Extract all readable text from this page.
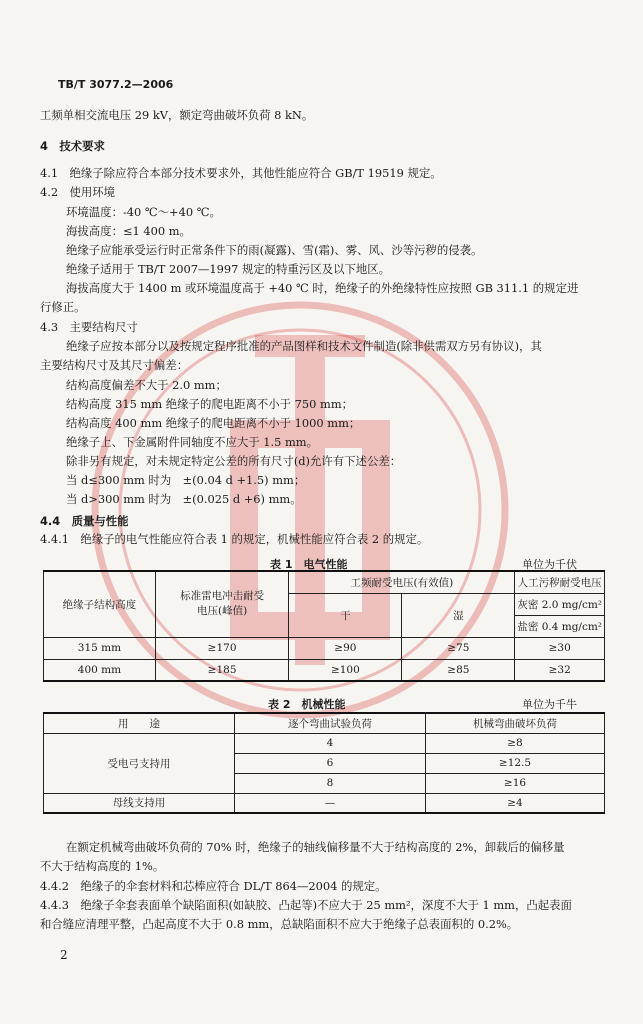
TB/T 3077.2—2006
工频单相交流电压 29 kV，额定弯曲破坏负荷 8 kN。
4　技术要求
4.1　绝缘子除应符合本部分技术要求外，其他性能应符合 GB/T 19519 规定。
4.2　使用环境
环境温度：-40 ℃～+40 ℃。
海拔高度：≤1 400 m。
绝缘子应能承受运行时正常条件下的雨(凝露)、雪(霜)、雾、风、沙等污秽的侵袭。
绝缘子适用于 TB/T 2007—1997 规定的特重污区及以下地区。
海拔高度大于 1400 m 或环境温度高于 +40 ℃ 时，绝缘子的外绝缘特性应按照 GB 311.1 的规定进
行修正。
4.3　主要结构尺寸
绝缘子应按本部分以及按规定程序批准的产品图样和技术文件制造(除非供需双方另有协议)，其
主要结构尺寸及其尺寸偏差：
结构高度偏差不大于 2.0 mm；
结构高度 315 mm 绝缘子的爬电距离不小于 750 mm；
结构高度 400 mm 绝缘子的爬电距离不小于 1000 mm；
绝缘子上、下金属附件同轴度不应大于 1.5 mm。
除非另有规定，对未规定特定公差的所有尺寸(d)允许有下述公差：
当 d≤300 mm 时为　±(0.04 d +1.5) mm；
当 d>300 mm 时为　±(0.025 d +6) mm。
4.4　质量与性能
4.4.1　绝缘子的电气性能应符合表 1 的规定，机械性能应符合表 2 的规定。
表 1　电气性能	单位为千伏
绝缘子结构高度	标准雷电冲击耐受
电压(峰值)	工频耐受电压(有效值)		人工污秽耐受电压
		干	湿	灰密 2.0 mg/cm²
				盐密 0.4 mg/cm²
315 mm	≥170	≥90	≥75	≥30
400 mm	≥185	≥100	≥85	≥32
表 2　机械性能	单位为千牛
用　　途	逐个弯曲试验负荷	机械弯曲破坏负荷
受电弓支持用	4	≥8
	6	≥12.5
	8	≥16
母线支持用	—	≥4
在额定机械弯曲破坏负荷的 70% 时，绝缘子的轴线偏移量不大于结构高度的 2%，卸载后的偏移量
不大于结构高度的 1%。
4.4.2　绝缘子的伞套材料和芯棒应符合 DL/T 864—2004 的规定。
4.4.3　绝缘子伞套表面单个缺陷面积(如缺胶、凸起等)不应大于 25 mm²，深度不大于 1 mm，凸起表面
和合缝应清理平整，凸起高度不大于 0.8 mm，总缺陷面积不应大于绝缘子总表面积的 0.2%。
2
